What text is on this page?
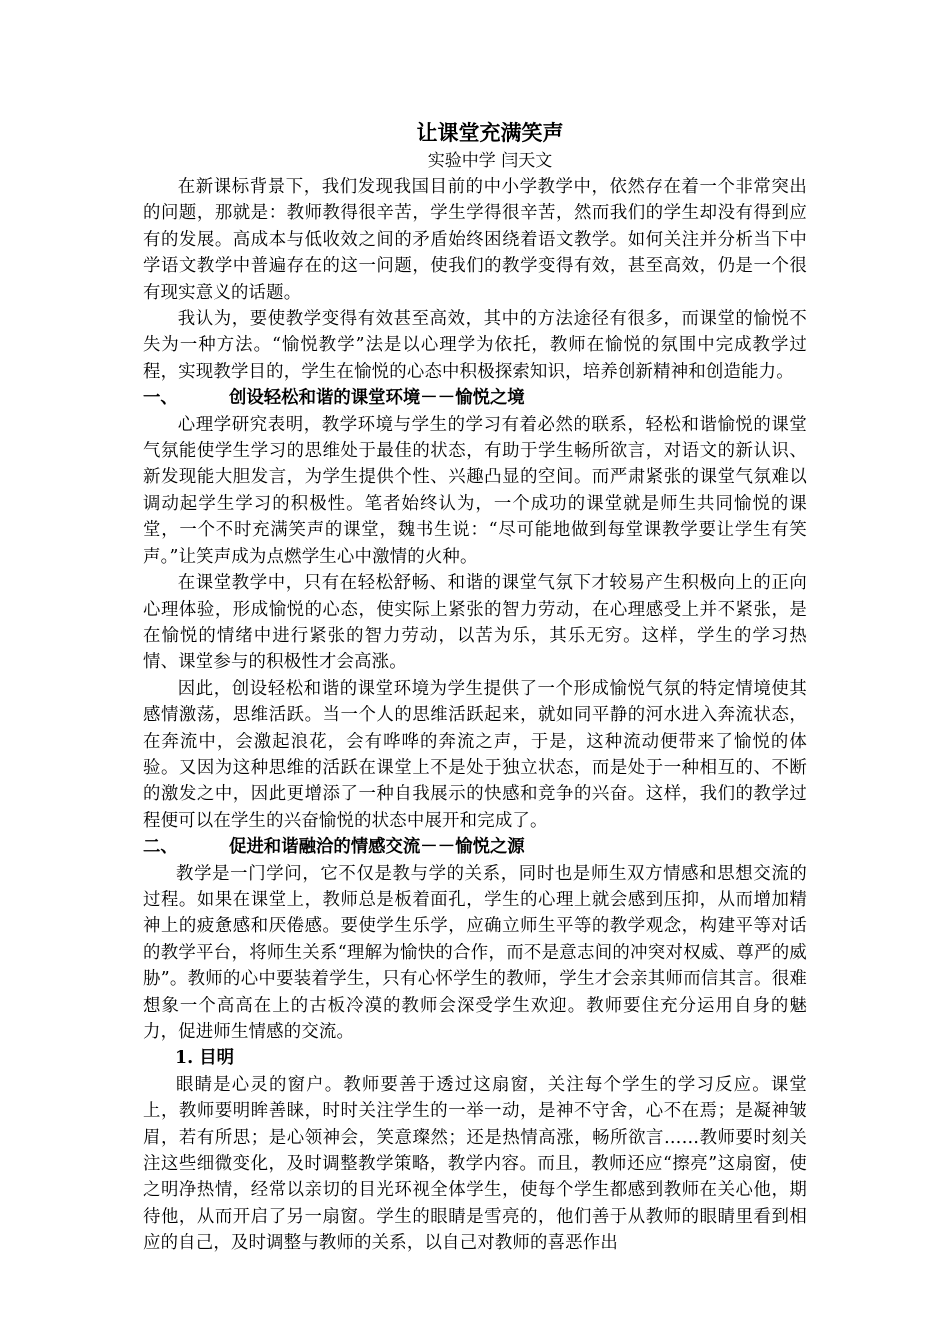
让课堂充满笑声
实验中学 闫天文

在新课标背景下，我们发现我国目前的中小学教学中，依然存在着一个非常突出的问题，那就是：教师教得很辛苦，学生学得很辛苦，然而我们的学生却没有得到应有的发展。高成本与低收效之间的矛盾始终困绕着语文教学。如何关注并分析当下中学语文教学中普遍存在的这一问题，使我们的教学变得有效，甚至高效，仍是一个很有现实意义的话题。

我认为，要使教学变得有效甚至高效，其中的方法途径有很多，而课堂的愉悦不失为一种方法。“愉悦教学”法是以心理学为依托，教师在愉悦的氛围中完成教学过程，实现教学目的，学生在愉悦的心态中积极探索知识，培养创新精神和创造能力。

一、	创设轻松和谐的课堂环境－－愉悦之境

心理学研究表明，教学环境与学生的学习有着必然的联系，轻松和谐愉悦的课堂气氛能使学生学习的思维处于最佳的状态，有助于学生畅所欲言，对语文的新认识、新发现能大胆发言，为学生提供个性、兴趣凸显的空间。而严肃紧张的课堂气氛难以调动起学生学习的积极性。笔者始终认为，一个成功的课堂就是师生共同愉悦的课堂，一个不时充满笑声的课堂，魏书生说：“尽可能地做到每堂课教学要让学生有笑声。”让笑声成为点燃学生心中激情的火种。

在课堂教学中，只有在轻松舒畅、和谐的课堂气氛下才较易产生积极向上的正向心理体验，形成愉悦的心态，使实际上紧张的智力劳动，在心理感受上并不紧张，是在愉悦的情绪中进行紧张的智力劳动，以苦为乐，其乐无穷。这样，学生的学习热情、课堂参与的积极性才会高涨。

因此，创设轻松和谐的课堂环境为学生提供了一个形成愉悦气氛的特定情境使其感情激荡，思维活跃。当一个人的思维活跃起来，就如同平静的河水进入奔流状态，在奔流中，会激起浪花，会有哗哗的奔流之声，于是，这种流动便带来了愉悦的体验。又因为这种思维的活跃在课堂上不是处于独立状态，而是处于一种相互的、不断的激发之中，因此更增添了一种自我展示的快感和竞争的兴奋。这样，我们的教学过程便可以在学生的兴奋愉悦的状态中展开和完成了。

二、	促进和谐融洽的情感交流－－愉悦之源

教学是一门学问，它不仅是教与学的关系，同时也是师生双方情感和思想交流的过程。如果在课堂上，教师总是板着面孔，学生的心理上就会感到压抑，从而增加精神上的疲惫感和厌倦感。要使学生乐学，应确立师生平等的教学观念，构建平等对话的教学平台，将师生关系“理解为愉快的合作，而不是意志间的冲突对权威、尊严的威胁”。教师的心中要装着学生，只有心怀学生的教师，学生才会亲其师而信其言。很难想象一个高高在上的古板冷漠的教师会深受学生欢迎。教师要住充分运用自身的魅力，促进师生情感的交流。

1. 目明

眼睛是心灵的窗户。教师要善于透过这扇窗，关注每个学生的学习反应。课堂上，教师要明眸善睐，时时关注学生的一举一动，是神不守舍，心不在焉；是凝神皱眉，若有所思；是心领神会，笑意璨然；还是热情高涨，畅所欲言……教师要时刻关注这些细微变化，及时调整教学策略，教学内容。而且，教师还应“擦亮”这扇窗，使之明净热情，经常以亲切的目光环视全体学生，使每个学生都感到教师在关心他，期待他，从而开启了另一扇窗。学生的眼睛是雪亮的，他们善于从教师的眼睛里看到相应的自己，及时调整与教师的关系，以自己对教师的喜恶作出
